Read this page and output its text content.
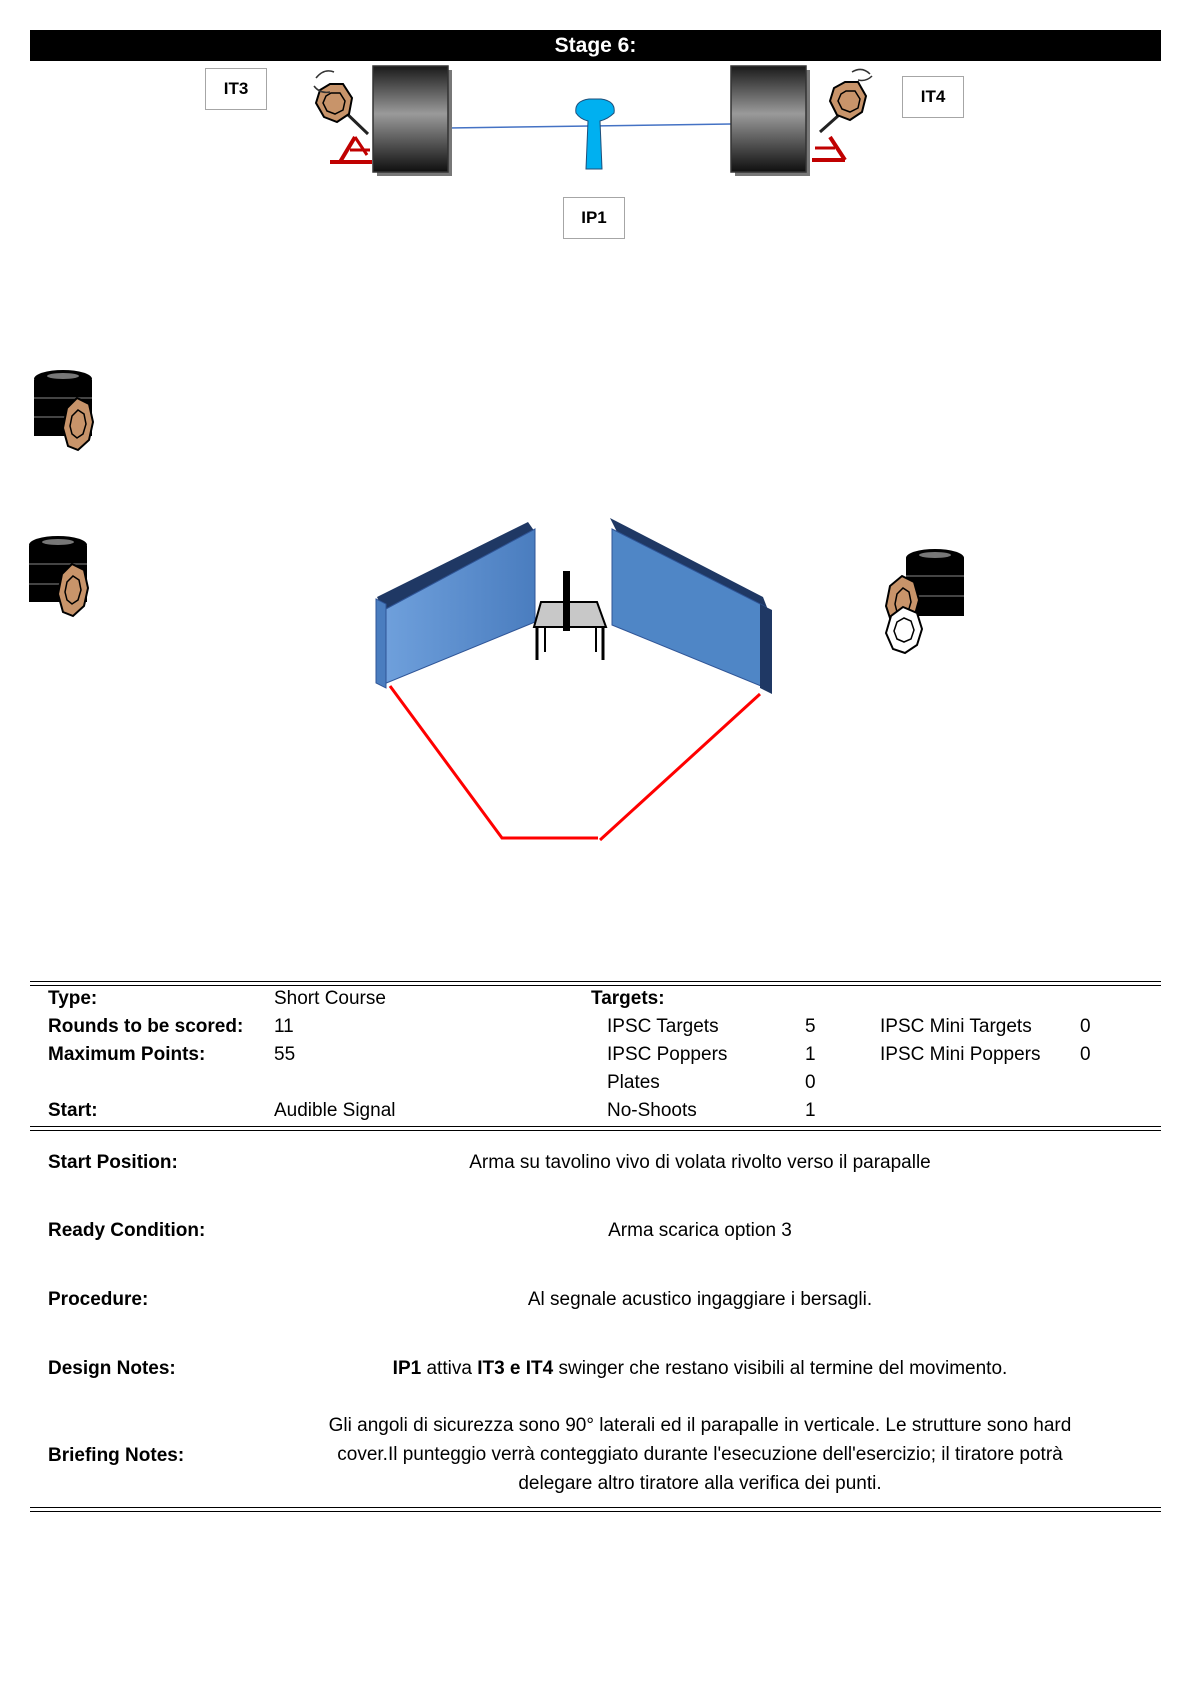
Stage 6:
IT3	IT4
IP1
Type:	Short Course	Targets:
Rounds to be scored: 11	IPSC Targets	5	IPSC Mini Targets	0
Maximum Points:	55	IPSC Poppers	1	IPSC Mini Poppers 0
Plates	0
Start:	Audible Signal	No-Shoots	1
Start Position:	Arma su tavolino vivo di volata rivolto verso il parapalle
Ready Condition:	Arma scarica option 3
Procedure:	Al segnale acustico ingaggiare i bersagli.
Design Notes:	IP1 attiva IT3 e IT4 swinger che restano visibili al termine del movimento.
Briefing Notes:
Gli angoli di sicurezza sono 90° laterali ed il parapalle in verticale. Le strutture sono hard
cover.Il punteggio verrà conteggiato durante l'esecuzione dell'esercizio; il tiratore potrà
delegare altro tiratore alla verifica dei punti.
